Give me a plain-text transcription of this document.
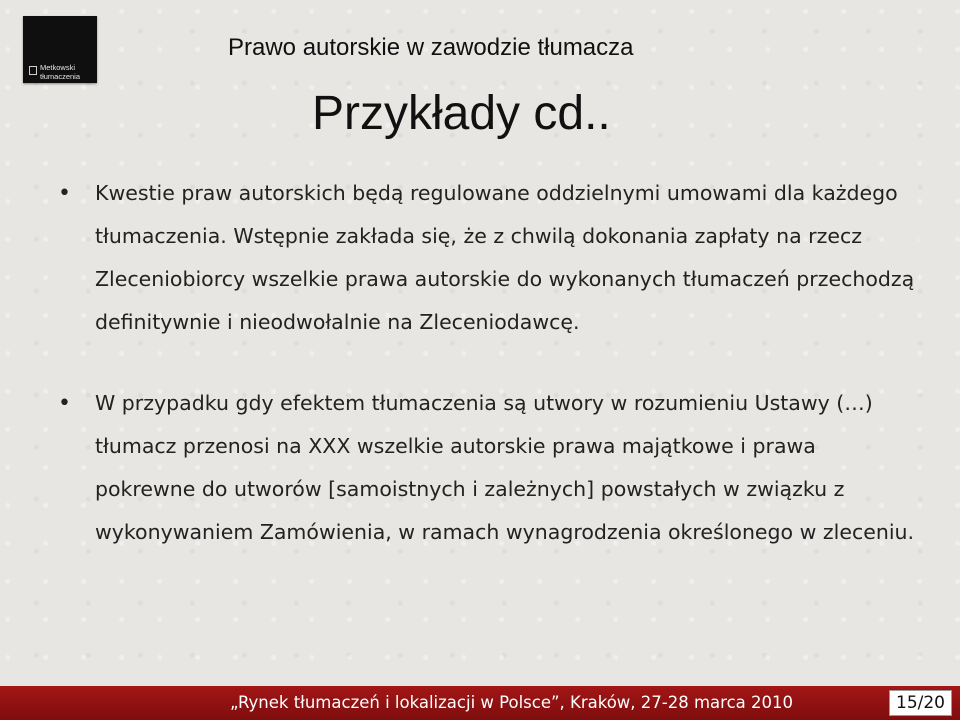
Metkowski
tłumaczenia
Prawo autorskie w zawodzie tłumacza
Przykłady cd..
• Kwestie praw autorskich będą regulowane oddzielnymi umowami dla każdego tłumaczenia. Wstępnie zakłada się, że z chwilą dokonania zapłaty na rzecz Zleceniobiorcy wszelkie prawa autorskie do wykonanych tłumaczeń przechodzą definitywnie i nieodwołalnie na Zleceniodawcę.
• W przypadku gdy efektem tłumaczenia są utwory w rozumieniu Ustawy (…) tłumacz przenosi na XXX wszelkie autorskie prawa majątkowe i prawa pokrewne do utworów [samoistnych i zależnych] powstałych w związku z wykonywaniem Zamówienia, w ramach wynagrodzenia określonego w zleceniu.
„Rynek tłumaczeń i lokalizacji w Polsce”, Kraków, 27-28 marca 2010	15/20
